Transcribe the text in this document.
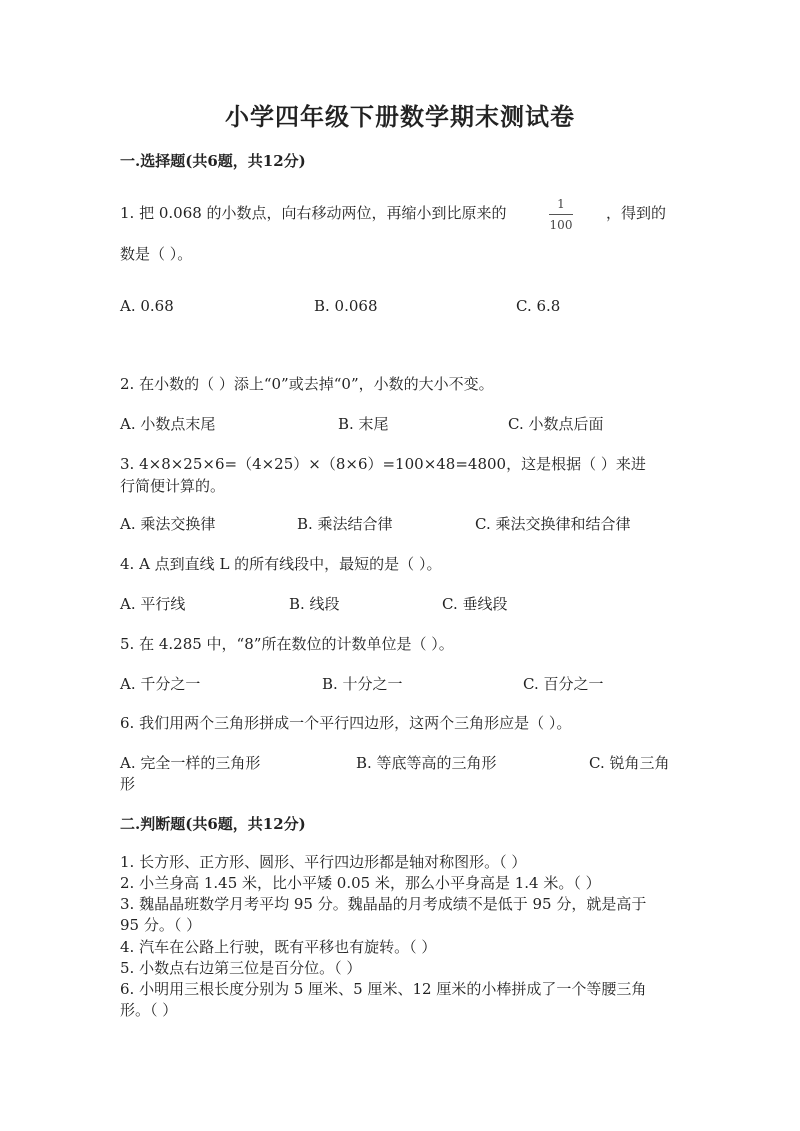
小学四年级下册数学期末测试卷
一.选择题(共6题，共12分)
1. 把 0.068 的小数点，向右移动两位，再缩小到比原来的	1
100
，得到的
数是（ ）。
A. 0.68	B. 0.068	C. 6.8
2. 在小数的（ ）添上“0”或去掉“0”，小数的大小不变。
A. 小数点末尾	B. 末尾	C. 小数点后面
3. 4×8×25×6=（4×25）×（8×6）=100×48=4800，这是根据（ ）来进
行简便计算的。
A. 乘法交换律	B. 乘法结合律	C. 乘法交换律和结合律
4. A 点到直线 L 的所有线段中，最短的是（ ）。
A. 平行线	B. 线段	C. 垂线段
5. 在 4.285 中，“8”所在数位的计数单位是（ ）。
A. 千分之一	B. 十分之一	C. 百分之一
6. 我们用两个三角形拼成一个平行四边形，这两个三角形应是（ ）。
A. 完全一样的三角形	B. 等底等高的三角形	C. 锐角三角
形
二.判断题(共6题，共12分)
1. 长方形、正方形、圆形、平行四边形都是轴对称图形。（ ）
2. 小兰身高 1.45 米，比小平矮 0.05 米，那么小平身高是 1.4 米。（ ）
3. 魏晶晶班数学月考平均 95 分。魏晶晶的月考成绩不是低于 95 分，就是高于
95 分。（ ）
4. 汽车在公路上行驶，既有平移也有旋转。（ ）
5. 小数点右边第三位是百分位。（ ）
6. 小明用三根长度分别为 5 厘米、5 厘米、12 厘米的小棒拼成了一个等腰三角
形。（ ）
